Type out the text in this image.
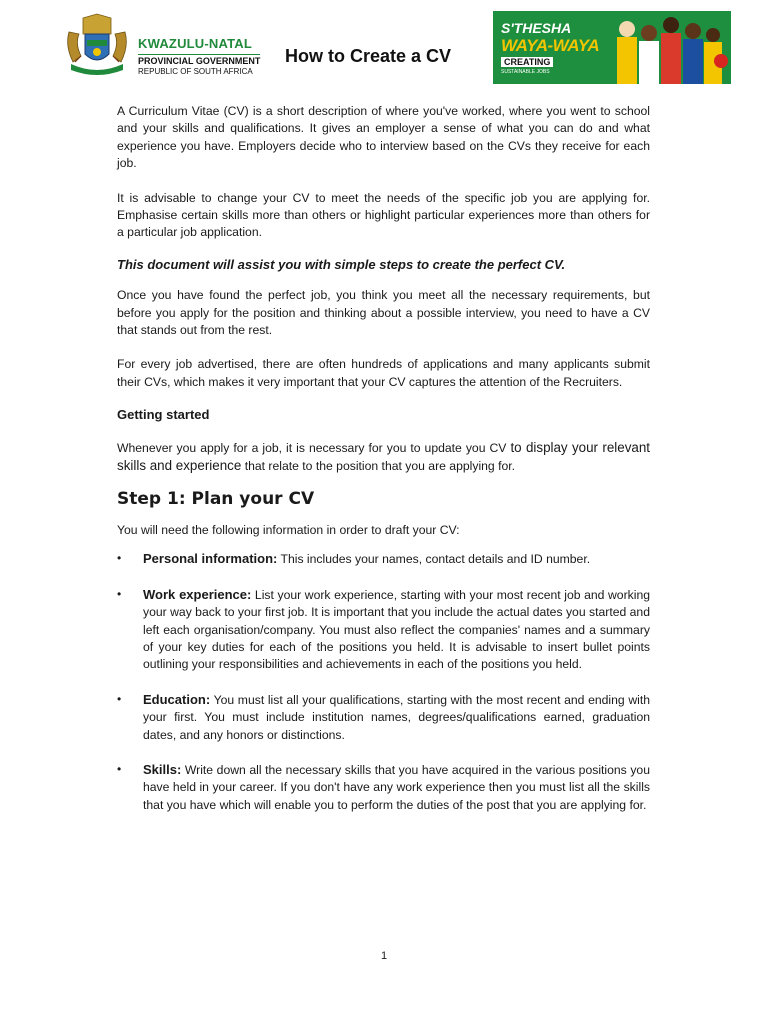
KWAZULU-NATAL
PROVINCIAL GOVERNMENT
REPUBLIC OF SOUTH AFRICA
How to Create a CV
S'THESHA
WAYA-WAYA
CREATING
SUSTAINABLE JOBS

A Curriculum Vitae (CV) is a short description of where you've worked, where you went to school and your skills and qualifications. It gives an employer a sense of what you can do and what experience you have. Employers decide who to interview based on the CVs they receive for each job.

It is advisable to change your CV to meet the needs of the specific job you are applying for. Emphasise certain skills more than others or highlight particular experiences more than others for a particular job application.

This document will assist you with simple steps to create the perfect CV.

Once you have found the perfect job, you think you meet all the necessary requirements, but before you apply for the position and thinking about a possible interview, you need to have a CV that stands out from the rest.

For every job advertised, there are often hundreds of applications and many applicants submit their CVs, which makes it very important that your CV captures the attention of the Recruiters.

Getting started

Whenever you apply for a job, it is necessary for you to update you CV to display your relevant skills and experience that relate to the position that you are applying for.

Step 1: Plan your CV

You will need the following information in order to draft your CV:

• Personal information: This includes your names, contact details and ID number.
• Work experience: List your work experience, starting with your most recent job and working your way back to your first job. It is important that you include the actual dates you started and left each organisation/company. You must also reflect the companies' names and a summary of your key duties for each of the positions you held. It is advisable to insert bullet points outlining your responsibilities and achievements in each of the positions you held.
• Education: You must list all your qualifications, starting with the most recent and ending with your first. You must include institution names, degrees/qualifications earned, graduation dates, and any honors or distinctions.
• Skills: Write down all the necessary skills that you have acquired in the various positions you have held in your career. If you don't have any work experience then you must list all the skills that you have which will enable you to perform the duties of the post that you are applying for.
1
